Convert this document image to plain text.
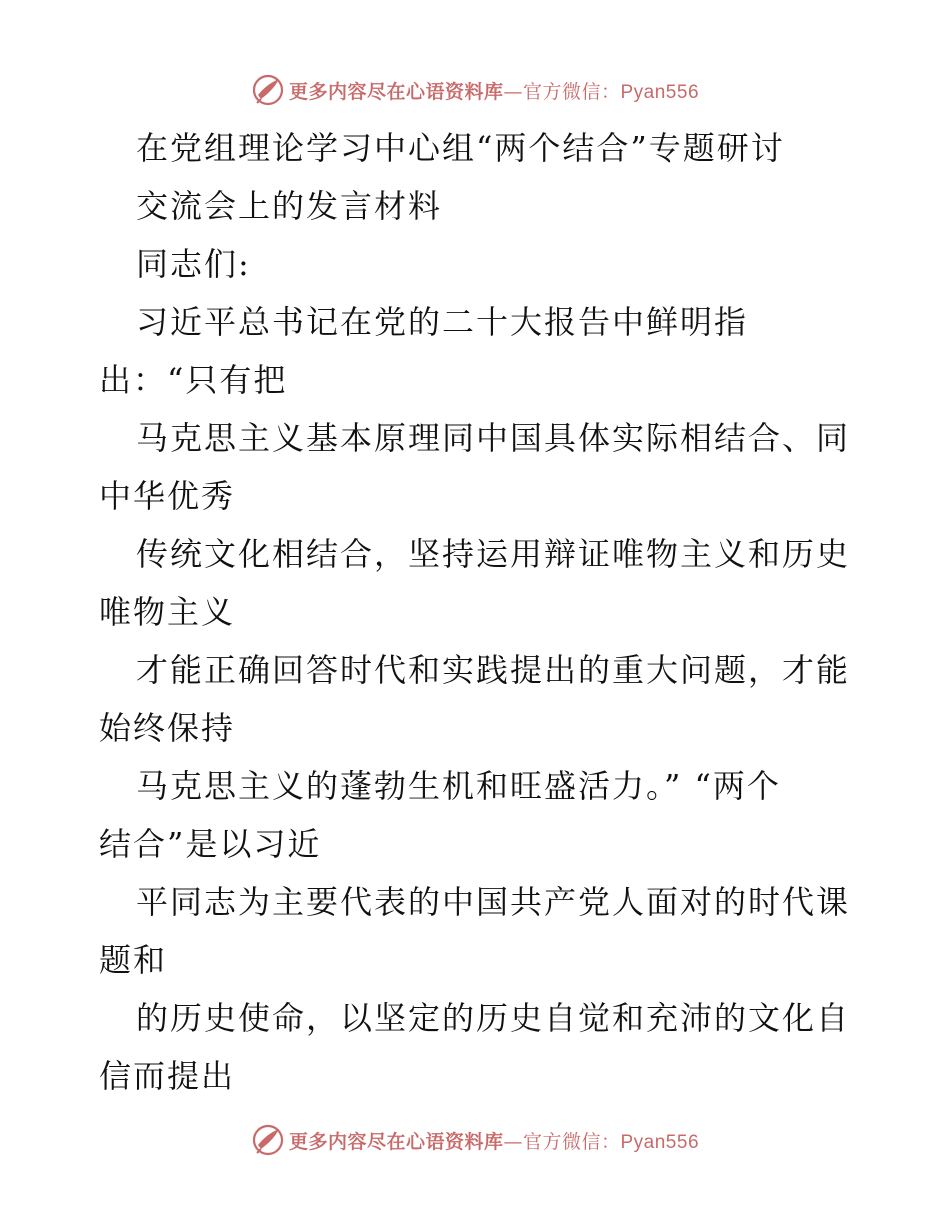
更多内容尽在心语资料库—官方微信：Pyan556
在党组理论学习中心组“两个结合”专题研讨
交流会上的发言材料
同志们:
习近平总书记在党的二十大报告中鲜明指
出：“只有把
马克思主义基本原理同中国具体实际相结合、同
中华优秀
传统文化相结合，坚持运用辩证唯物主义和历史
唯物主义
才能正确回答时代和实践提出的重大问题，才能
始终保持
马克思主义的蓬勃生机和旺盛活力。” “两个
结合”是以习近
平同志为主要代表的中国共产党人面对的时代课
题和
的历史使命，以坚定的历史自觉和充沛的文化自
信而提出
更多内容尽在心语资料库—官方微信：Pyan556
